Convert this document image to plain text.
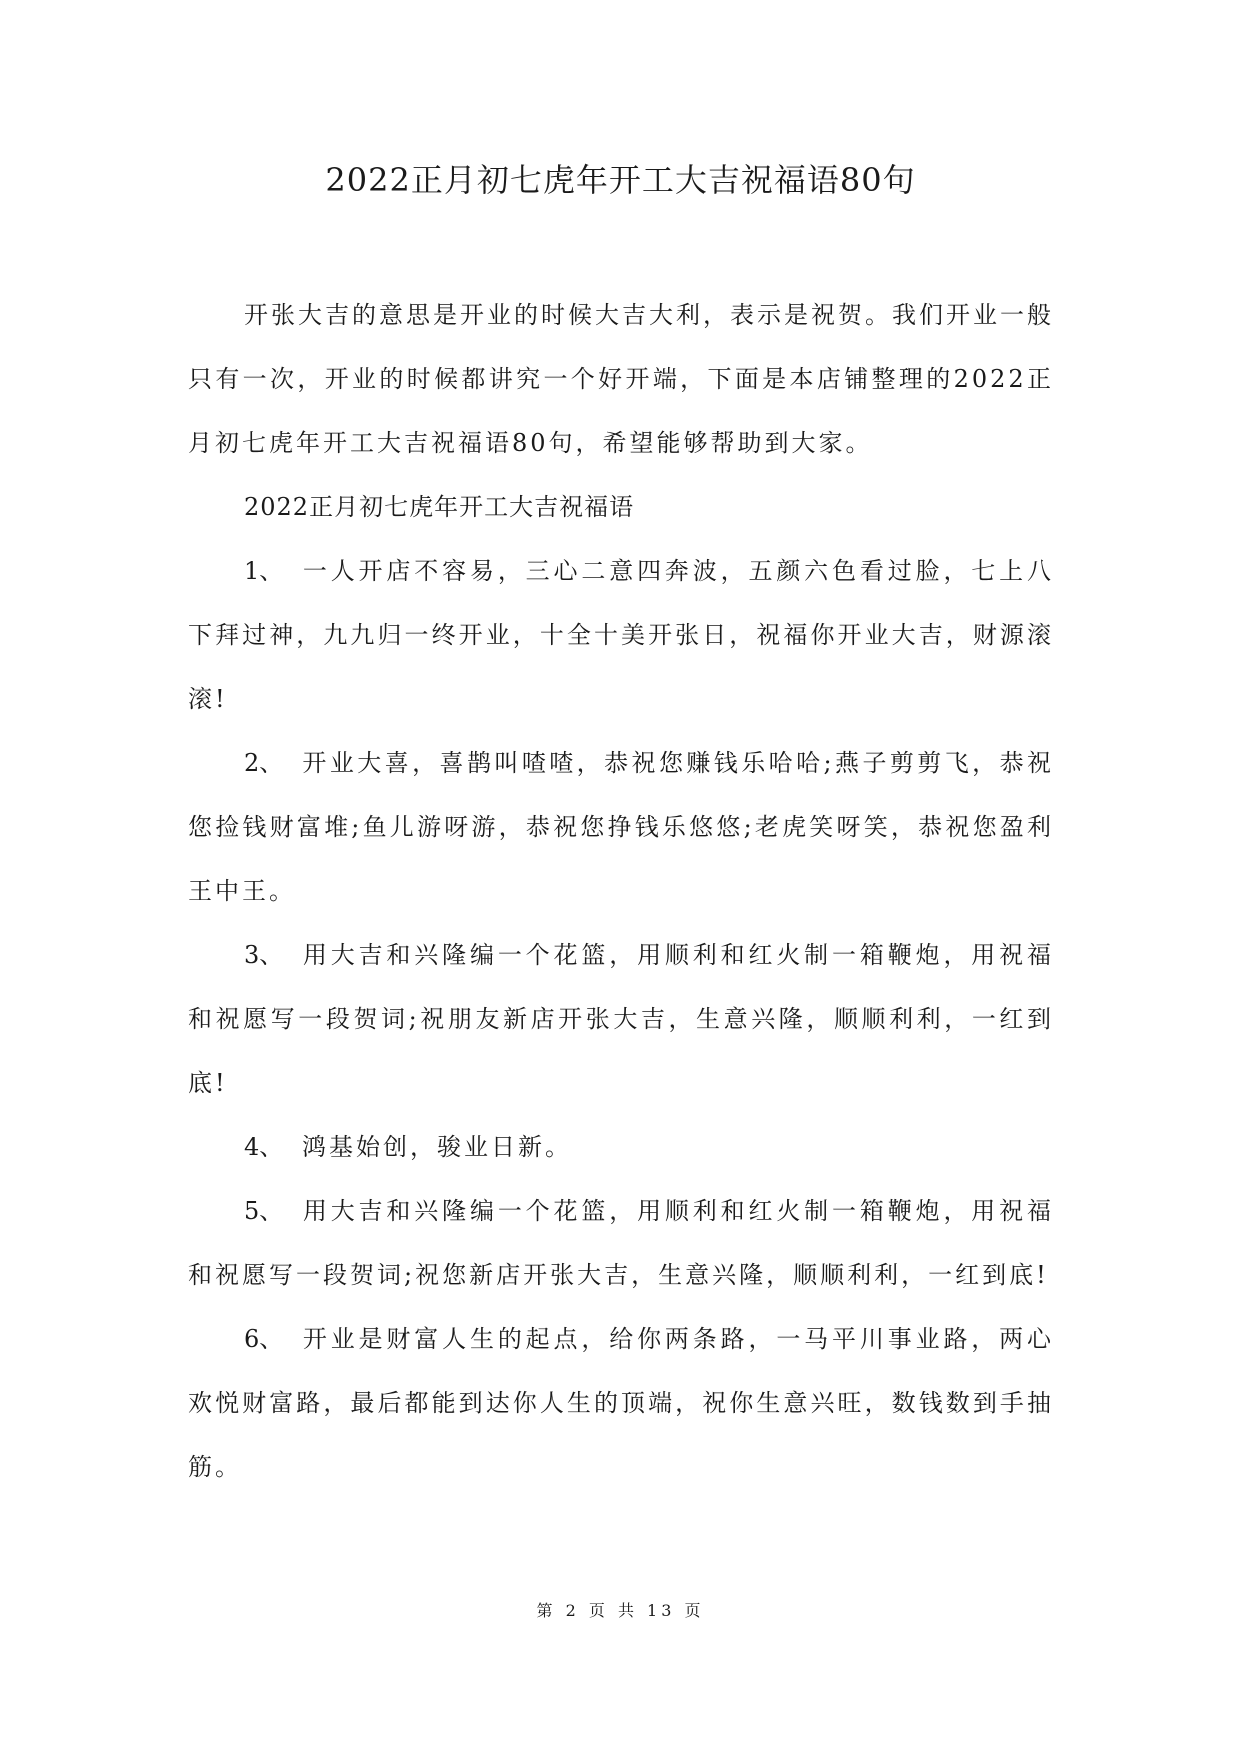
2022正月初七虎年开工大吉祝福语80句

开张大吉的意思是开业的时候大吉大利，表示是祝贺。我们开业一般只有一次，开业的时候都讲究一个好开端，下面是本店铺整理的2022正月初七虎年开工大吉祝福语80句，希望能够帮助到大家。

2022正月初七虎年开工大吉祝福语

1、 一人开店不容易，三心二意四奔波，五颜六色看过脸，七上八下拜过神，九九归一终开业，十全十美开张日，祝福你开业大吉，财源滚滚!

2、 开业大喜，喜鹊叫喳喳，恭祝您赚钱乐哈哈;燕子剪剪飞，恭祝您捡钱财富堆;鱼儿游呀游，恭祝您挣钱乐悠悠;老虎笑呀笑，恭祝您盈利王中王。

3、 用大吉和兴隆编一个花篮，用顺利和红火制一箱鞭炮，用祝福和祝愿写一段贺词;祝朋友新店开张大吉，生意兴隆，顺顺利利，一红到底!

4、 鸿基始创，骏业日新。

5、 用大吉和兴隆编一个花篮，用顺利和红火制一箱鞭炮，用祝福和祝愿写一段贺词;祝您新店开张大吉，生意兴隆，顺顺利利，一红到底!

6、 开业是财富人生的起点，给你两条路，一马平川事业路，两心欢悦财富路，最后都能到达你人生的顶端，祝你生意兴旺，数钱数到手抽筋。

第 2 页 共 13 页
